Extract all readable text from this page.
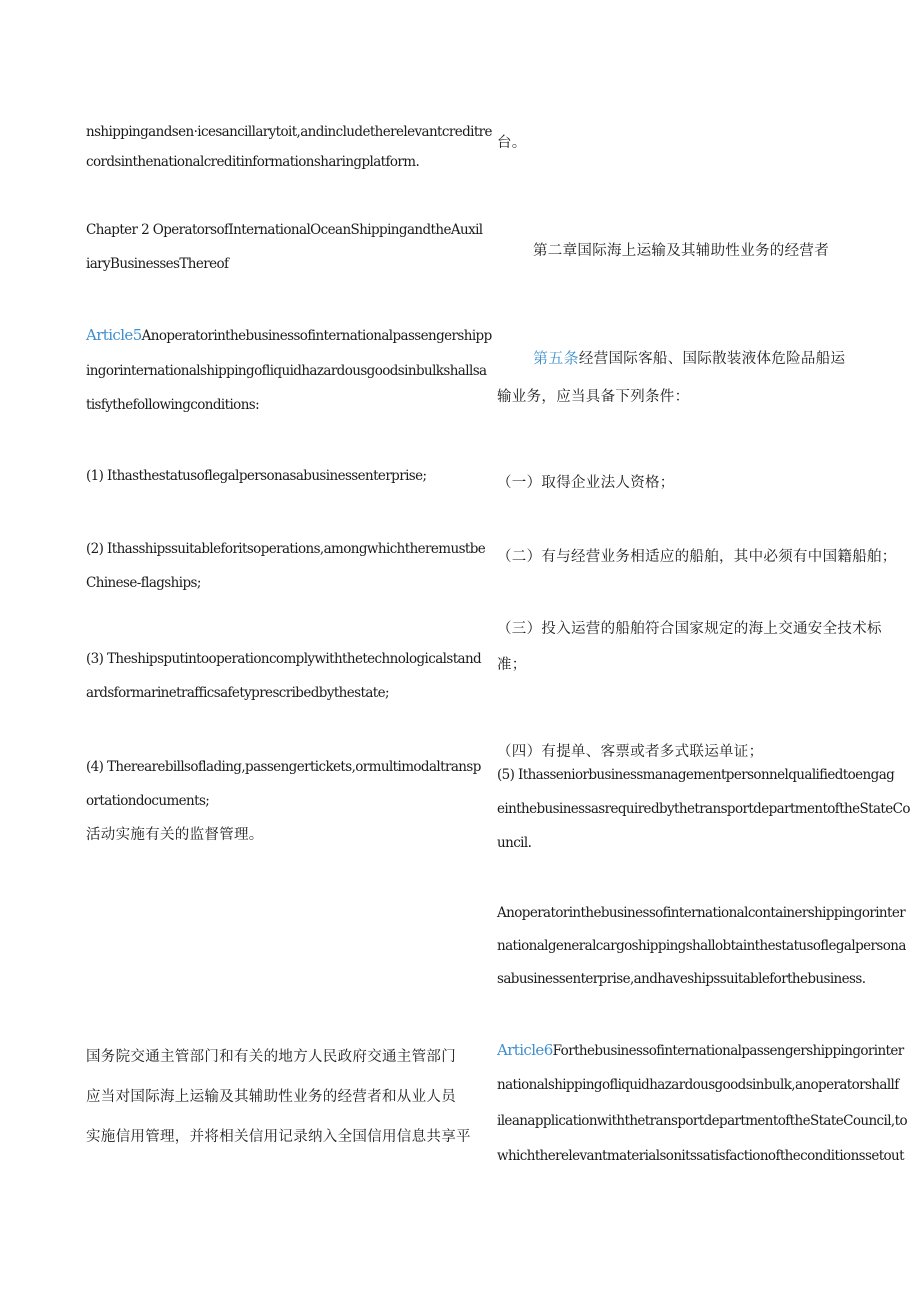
nshippingandsen·icesancillarytoit,andincludetherelevantcreditre
cordsinthenationalcreditinformationsharingplatform.
Chapter 2 OperatorsofInternationalOceanShippingandtheAuxil
iaryBusinessesThereof
Article5Anoperatorinthebusinessofinternationalpassengershipp
ingorinternationalshippingofliquidhazardousgoodsinbulkshallsa
tisfythefollowingconditions:
(1) Ithasthestatusoflegalpersonasabusinessenterprise;
(2) Ithasshipssuitableforitsoperations,amongwhichtheremustbe
Chinese-flagships;
(3) Theshipsputintooperationcomplywiththetechnologicalstand
ardsformarinetrafficsafetyprescribedbythestate;
(4) Therearebillsoflading,passengertickets,ormultimodaltransp
ortationdocuments;
活动实施有关的监督管理。
国务院交通主管部门和有关的地方人民政府交通主管部门
应当对国际海上运输及其辅助性业务的经营者和从业人员
实施信用管理，并将相关信用记录纳入全国信用信息共享平
台。
第二章国际海上运输及其辅助性业务的经营者
第五条经营国际客船、国际散装液体危险品船运
输业务，应当具备下列条件：
（一）取得企业法人资格；
（二）有与经营业务相适应的船舶，其中必须有中国籍船舶；
（三）投入运营的船舶符合国家规定的海上交通安全技术标
准；
（四）有提单、客票或者多式联运单证；
(5) Ithasseniorbusinessmanagementpersonnelqualifiedtoengag
einthebusinessasrequiredbythetransportdepartmentoftheStateCo
uncil.
Anoperatorinthebusinessofinternationalcontainershippingorinter
nationalgeneralcargoshippingshallobtainthestatusoflegalpersona
sabusinessenterprise,andhaveshipssuitableforthebusiness.
Article6Forthebusinessofinternationalpassengershippingorinter
nationalshippingofliquidhazardousgoodsinbulk,anoperatorshallf
ileanapplicationwiththetransportdepartmentoftheStateCouncil,to
whichtherelevantmaterialsonitssatisfactionoftheconditionssetout
